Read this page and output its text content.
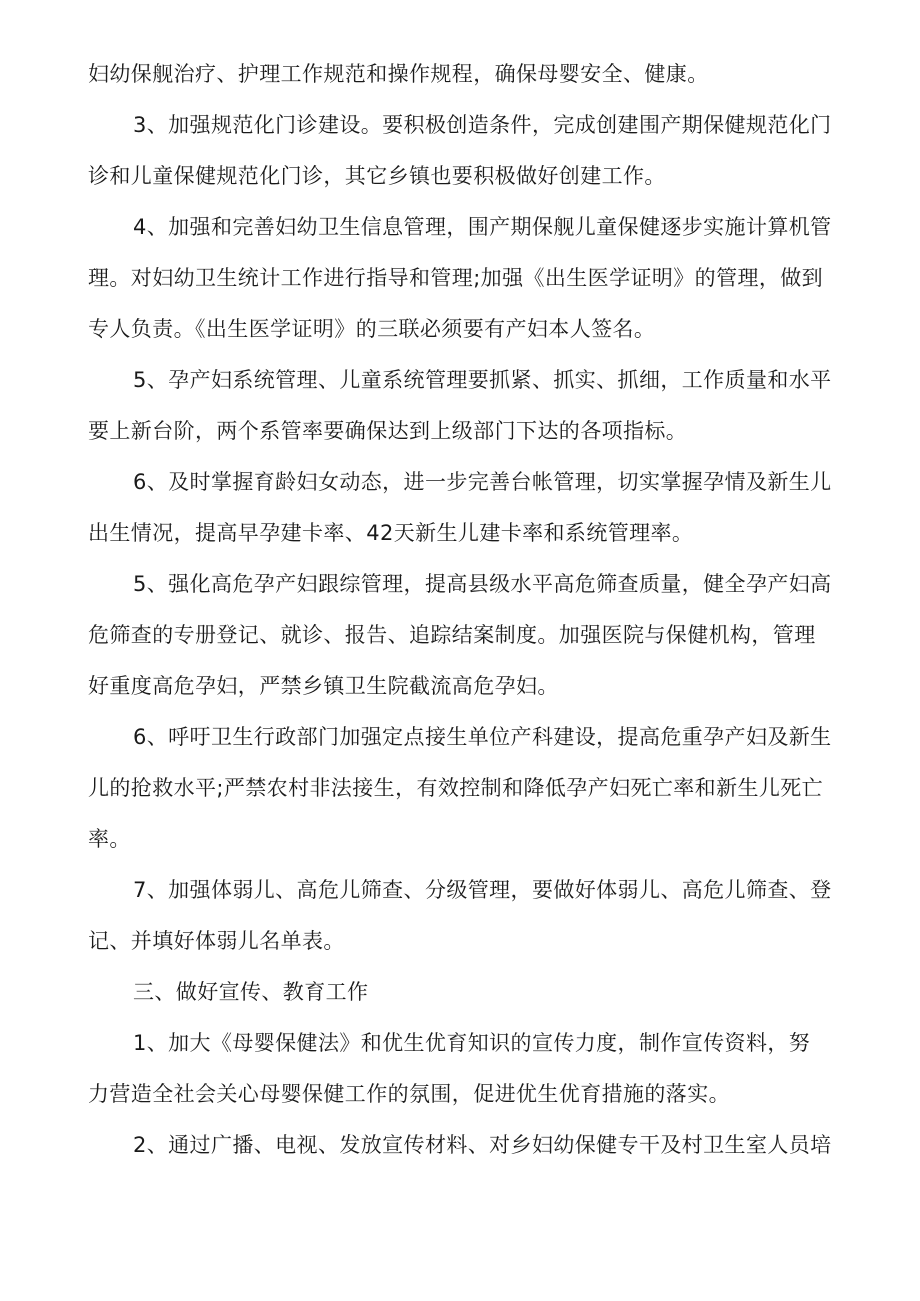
妇幼保舰治疗、护理工作规范和操作规程，确保母婴安全、健康。
3、加强规范化门诊建设。要积极创造条件，完成创建围产期保健规范化门
诊和儿童保健规范化门诊，其它乡镇也要积极做好创建工作。
4、加强和完善妇幼卫生信息管理，围产期保舰儿童保健逐步实施计算机管
理。对妇幼卫生统计工作进行指导和管理;加强《出生医学证明》的管理，做到
专人负责。《出生医学证明》的三联必须要有产妇本人签名。
5、孕产妇系统管理、儿童系统管理要抓紧、抓实、抓细，工作质量和水平
要上新台阶，两个系管率要确保达到上级部门下达的各项指标。
6、及时掌握育龄妇女动态，进一步完善台帐管理，切实掌握孕情及新生儿
出生情况，提高早孕建卡率、42天新生儿建卡率和系统管理率。
5、强化高危孕产妇跟综管理，提高县级水平高危筛查质量，健全孕产妇高
危筛查的专册登记、就诊、报告、追踪结案制度。加强医院与保健机构，管理
好重度高危孕妇，严禁乡镇卫生院截流高危孕妇。
6、呼吁卫生行政部门加强定点接生单位产科建设，提高危重孕产妇及新生
儿的抢救水平;严禁农村非法接生，有效控制和降低孕产妇死亡率和新生儿死亡
率。
7、加强体弱儿、高危儿筛查、分级管理，要做好体弱儿、高危儿筛查、登
记、并填好体弱儿名单表。
三、做好宣传、教育工作
1、加大《母婴保健法》和优生优育知识的宣传力度，制作宣传资料，努
力营造全社会关心母婴保健工作的氛围，促进优生优育措施的落实。
2、通过广播、电视、发放宣传材料、对乡妇幼保健专干及村卫生室人员培
